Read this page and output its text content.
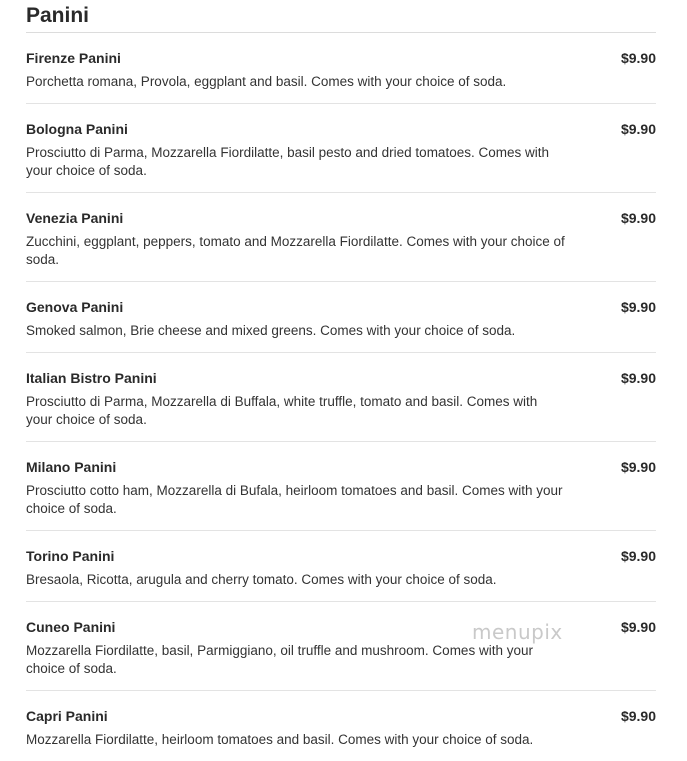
Panini
Firenze Panini	$9.90
Porchetta romana, Provola, eggplant and basil. Comes with your choice of soda.
Bologna Panini	$9.90
Prosciutto di Parma, Mozzarella Fiordilatte, basil pesto and dried tomatoes. Comes with your choice of soda.
Venezia Panini	$9.90
Zucchini, eggplant, peppers, tomato and Mozzarella Fiordilatte. Comes with your choice of soda.
Genova Panini	$9.90
Smoked salmon, Brie cheese and mixed greens. Comes with your choice of soda.
Italian Bistro Panini	$9.90
Prosciutto di Parma, Mozzarella di Buffala, white truffle, tomato and basil. Comes with your choice of soda.
Milano Panini	$9.90
Prosciutto cotto ham, Mozzarella di Bufala, heirloom tomatoes and basil. Comes with your choice of soda.
Torino Panini	$9.90
Bresaola, Ricotta, arugula and cherry tomato. Comes with your choice of soda.
Cuneo Panini	$9.90
Mozzarella Fiordilatte, basil, Parmiggiano, oil truffle and mushroom. Comes with your choice of soda.
Capri Panini	$9.90
Mozzarella Fiordilatte, heirloom tomatoes and basil. Comes with your choice of soda.
menupix
